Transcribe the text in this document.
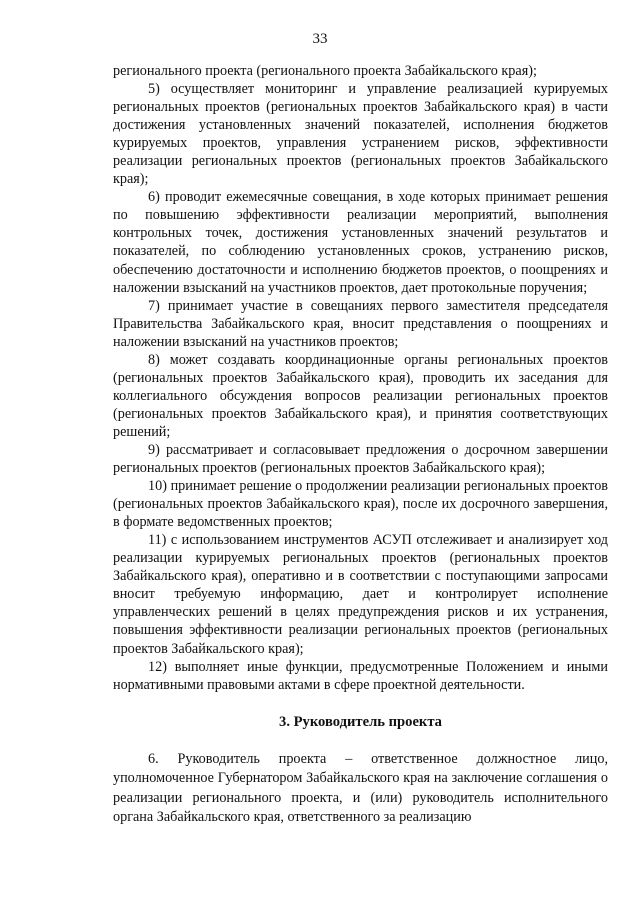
33

регионального проекта (регионального проекта Забайкальского края);

5) осуществляет мониторинг и управление реализацией курируемых региональных проектов (региональных проектов Забайкальского края) в части достижения установленных значений показателей, исполнения бюджетов курируемых проектов, управления устранением рисков, эффективности реализации региональных проектов (региональных проектов Забайкальского края);

6) проводит ежемесячные совещания, в ходе которых принимает решения по повышению эффективности реализации мероприятий, выполнения контрольных точек, достижения установленных значений результатов и показателей, по соблюдению установленных сроков, устранению рисков, обеспечению достаточности и исполнению бюджетов проектов, о поощрениях и наложении взысканий на участников проектов, дает протокольные поручения;

7) принимает участие в совещаниях первого заместителя председателя Правительства Забайкальского края, вносит представления о поощрениях и наложении взысканий на участников проектов;

8) может создавать координационные органы региональных проектов (региональных проектов Забайкальского края), проводить их заседания для коллегиального обсуждения вопросов реализации региональных проектов (региональных проектов Забайкальского края), и принятия соответствующих решений;

9) рассматривает и согласовывает предложения о досрочном завершении региональных проектов (региональных проектов Забайкальского края);

10) принимает решение о продолжении реализации региональных проектов (региональных проектов Забайкальского края), после их досрочного завершения, в формате ведомственных проектов;

11) с использованием инструментов АСУП отслеживает и анализирует ход реализации курируемых региональных проектов (региональных проектов Забайкальского края), оперативно и в соответствии с поступающими запросами вносит требуемую информацию, дает и контролирует исполнение управленческих решений в целях предупреждения рисков и их устранения, повышения эффективности реализации региональных проектов (региональных проектов Забайкальского края);

12) выполняет иные функции, предусмотренные Положением и иными нормативными правовыми актами в сфере проектной деятельности.

3. Руководитель проекта

6. Руководитель проекта – ответственное должностное лицо, уполномоченное Губернатором Забайкальского края на заключение соглашения о реализации регионального проекта, и (или) руководитель исполнительного органа Забайкальского края, ответственного за реализацию
